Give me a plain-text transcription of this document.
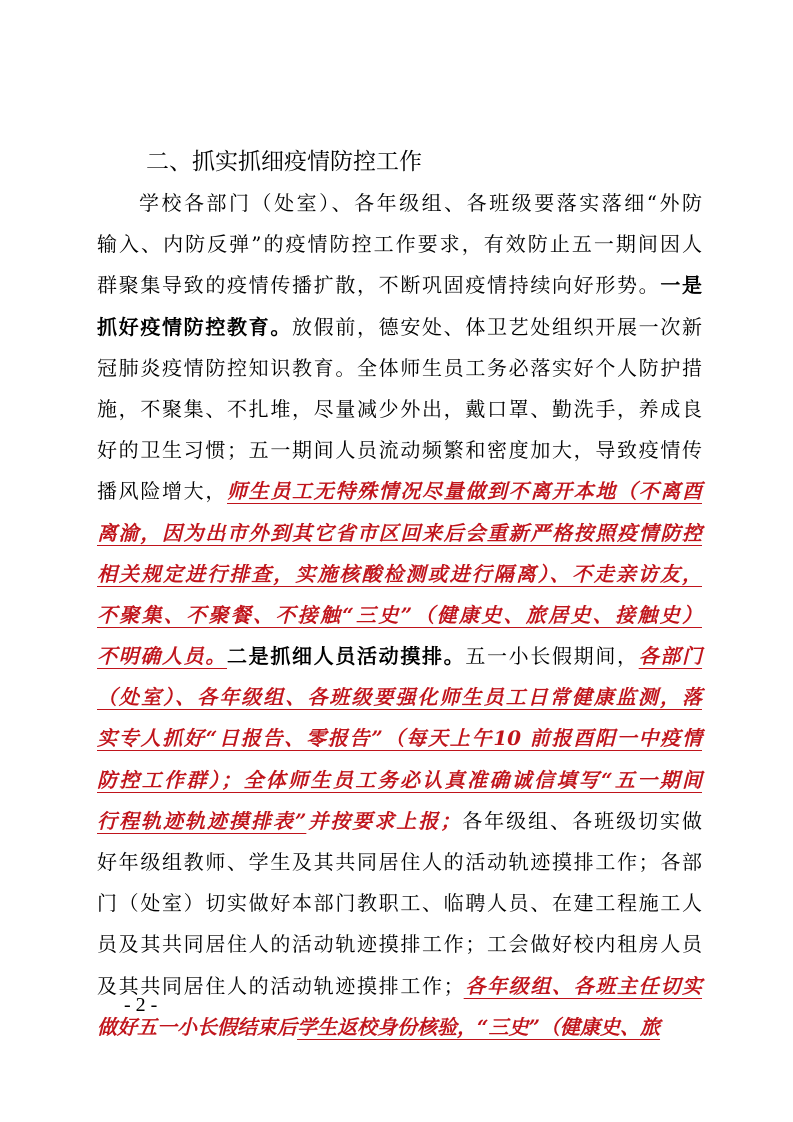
二、抓实抓细疫情防控工作
学校各部门（处室）、各年级组、各班级要落实落细“外防
输入、内防反弹”的疫情防控工作要求，有效防止五一期间因人
群聚集导致的疫情传播扩散，不断巩固疫情持续向好形势。一是
抓好疫情防控教育。放假前，德安处、体卫艺处组织开展一次新
冠肺炎疫情防控知识教育。全体师生员工务必落实好个人防护措
施，不聚集、不扎堆，尽量减少外出，戴口罩、勤洗手，养成良
好的卫生习惯；五一期间人员流动频繁和密度加大，导致疫情传
播风险增大，师生员工无特殊情况尽量做到不离开本地（不离酉
离渝，因为出市外到其它省市区回来后会重新严格按照疫情防控
相关规定进行排查，实施核酸检测或进行隔离）、不走亲访友，
不聚集、不聚餐、不接触“三史”（健康史、旅居史、接触史）
不明确人员。二是抓细人员活动摸排。五一小长假期间，各部门
（处室）、各年级组、各班级要强化师生员工日常健康监测，落
实专人抓好“日报告、零报告”（每天上午10 前报酉阳一中疫情
防控工作群）；全体师生员工务必认真准确诚信填写“五一期间
行程轨迹轨迹摸排表”并按要求上报；各年级组、各班级切实做
好年级组教师、学生及其共同居住人的活动轨迹摸排工作；各部
门（处室）切实做好本部门教职工、临聘人员、在建工程施工人
员及其共同居住人的活动轨迹摸排工作；工会做好校内租房人员
及其共同居住人的活动轨迹摸排工作；各年级组、各班主任切实
做好五一小长假结束后学生返校身份核验，“三史”（健康史、旅
- 2 -
